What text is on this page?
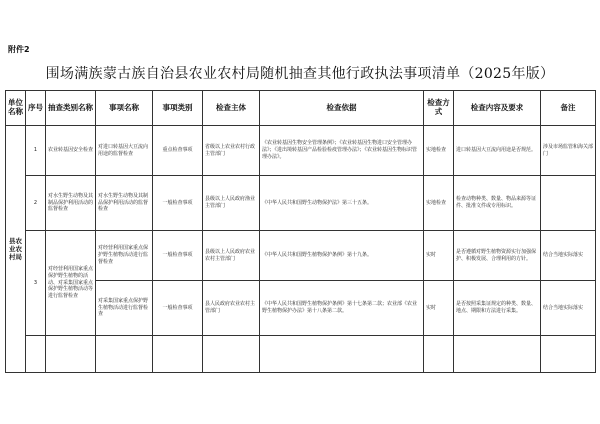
附件2
围场满族蒙古族自治县农业农村局随机抽查其他行政执法事项清单（2025年版）
单位名称	序号	抽查类别名称	事项名称	事项类别	检查主体	检查依据	检查方式	检查内容及要求	备注
县农业农村局	1	农业转基因安全检查	对进口转基因大豆流向用途的监督检查	重点检查事项	省级以上农业农村行政主管部门	《农业转基因生物安全管理条例》；《农业转基因生物进口安全管理办法》；《进出境转基因产品检验检疫管理办法》；《农业转基因生物标识管理办法》。	实地检查	进口转基因大豆流向用途是否规范。	涉及市场监管和海关部门
	2	对水生野生动物及其制品保护利用活动的监督检查	对水生野生动物及其制品保护利用活动的监督检查	一般检查事项	县级以上人民政府渔业主管部门	《中华人民共和国野生动物保护法》第三十五条。	实地检查	检查动物种类、数量、物品来源等证件、批准文件或专用标识。	
	3	对经营利用国家重点保护野生植物的活动、对采集国家重点保护野生植物活动等进行监督检查	对经营利用国家重点保护野生植物活动进行监督检查	一般检查事项	县级以上人民政府农业农村主管部门	《中华人民共和国野生植物保护条例》第十九条。	实时	是否遵循对野生植物资源实行加强保护、积极发展、合理利用的方针。	结合当地实际落实
			对采集国家重点保护野生植物活动进行监督检查	一般检查事项	县人民政府农业农村主管部门	《中华人民共和国野生植物保护条例》第十七条第二款；农业部《农业野生植物保护办法》第十八条第二款。	实时	是否按照采集证规定的种类、数量、地点、期限和方法进行采集。	结合当地实际落实
